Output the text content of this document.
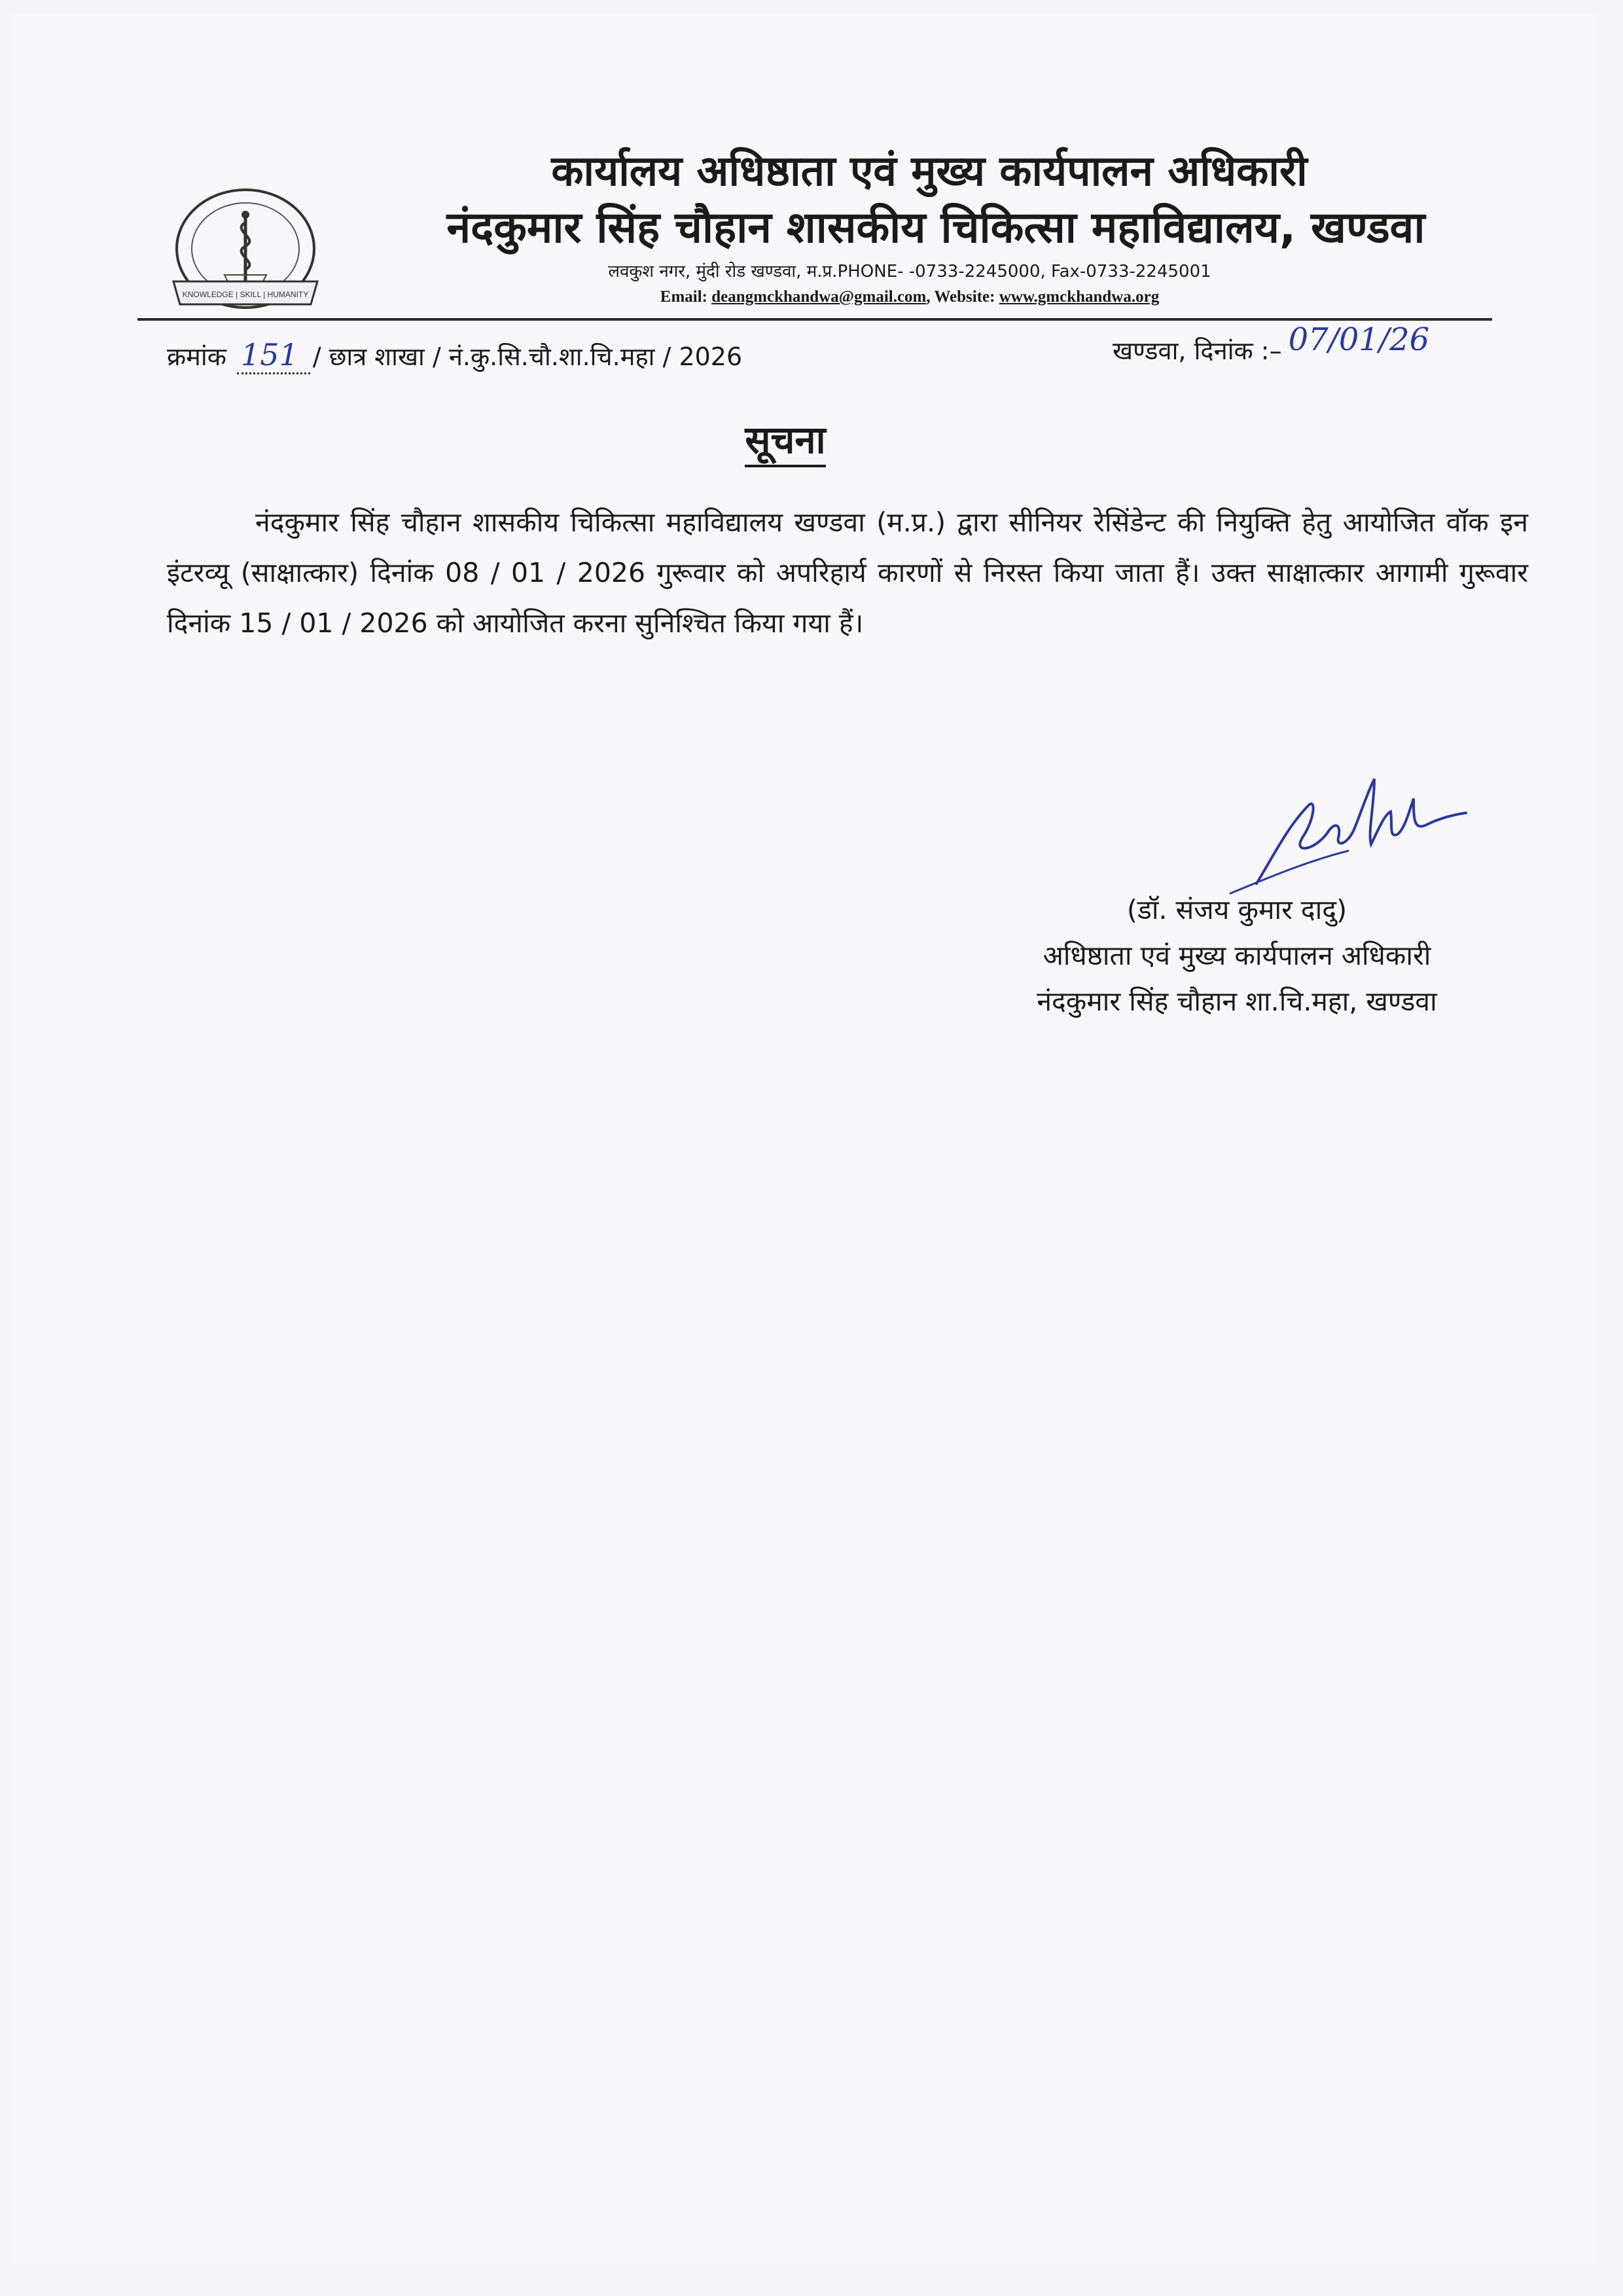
KNOWLEDGE | SKILL | HUMANITY
कार्यालय अधिष्ठाता एवं मुख्य कार्यपालन अधिकारी
नंदकुमार सिंह चौहान शासकीय चिकित्सा महाविद्यालय, खण्डवा
लवकुश नगर, मुंदी रोड खण्डवा, म.प्र.PHONE- -0733-2245000, Fax-0733-2245001
Email: deangmckhandwa@gmail.com, Website: www.gmckhandwa.org
क्रमांक 151 / छात्र शाखा / नं.कु.सि.चौ.शा.चि.महा / 2026	खण्डवा, दिनांक :– 07/01/26
सूचना
नंदकुमार सिंह चौहान शासकीय चिकित्सा महाविद्यालय खण्डवा (म.प्र.) द्वारा सीनियर रेसिंडेन्ट की नियुक्ति हेतु आयोजित वॉक इन इंटरव्यू (साक्षात्कार) दिनांक 08 / 01 / 2026 गुरूवार को अपरिहार्य कारणों से निरस्त किया जाता हैं। उक्त साक्षात्कार आगामी गुरूवार दिनांक 15 / 01 / 2026 को आयोजित करना सुनिश्चित किया गया हैं।
(डॉ. संजय कुमार दादु)
अधिष्ठाता एवं मुख्य कार्यपालन अधिकारी
नंदकुमार सिंह चौहान शा.चि.महा, खण्डवा
